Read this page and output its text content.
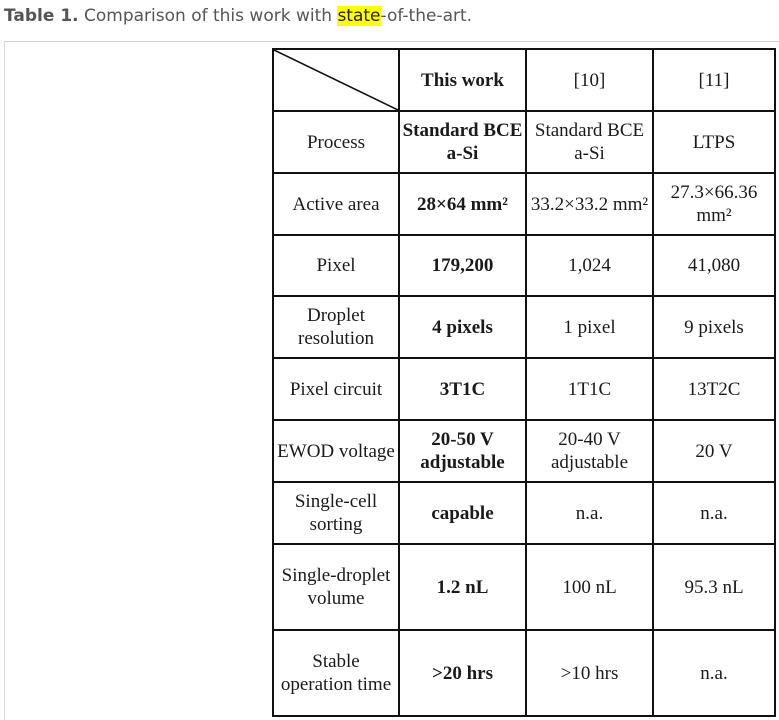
Table 1. Comparison of this work with state-of-the-art.
	This work	[10]	[11]
Process	Standard BCE a-Si	Standard BCE a-Si	LTPS
Active area	28×64 mm²	33.2×33.2 mm²	27.3×66.36 mm²
Pixel	179,200	1,024	41,080
Droplet resolution	4 pixels	1 pixel	9 pixels
Pixel circuit	3T1C	1T1C	13T2C
EWOD voltage	20-50 V adjustable	20-40 V adjustable	20 V
Single-cell sorting	capable	n.a.	n.a.
Single-droplet volume	1.2 nL	100 nL	95.3 nL
Stable operation time	>20 hrs	>10 hrs	n.a.
